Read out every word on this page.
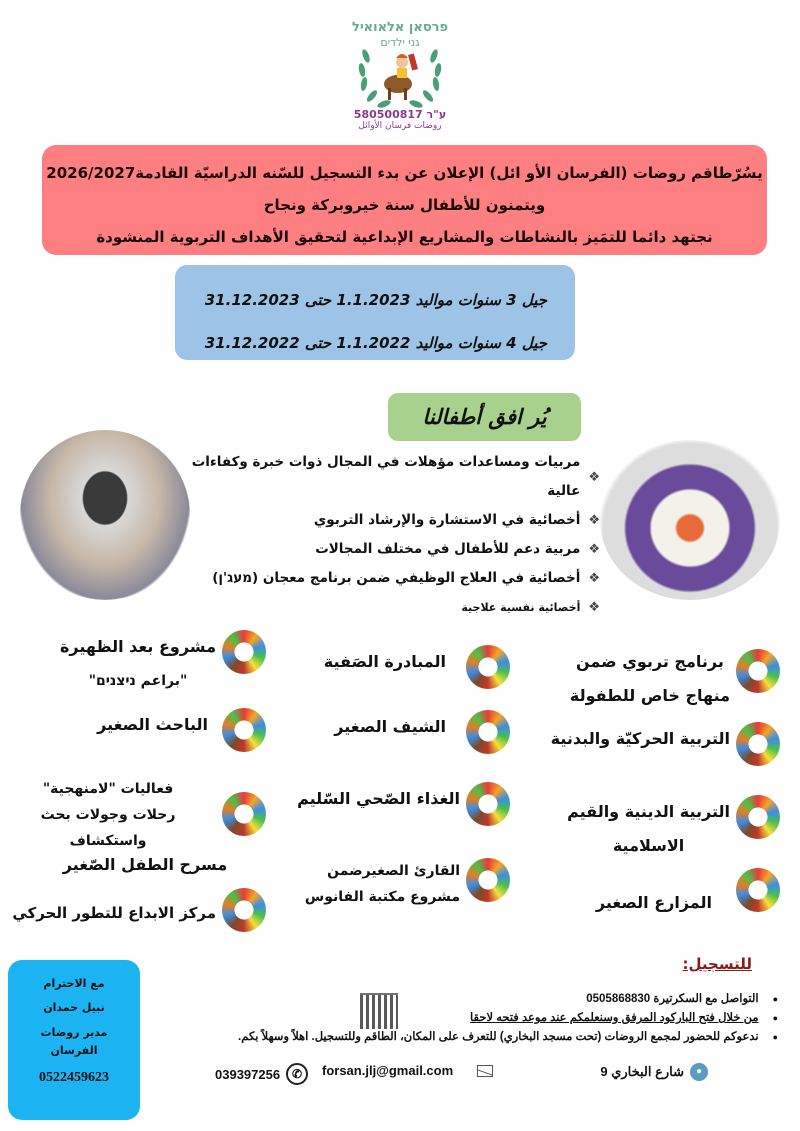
פרסאן אלאואיל
גני ילדים
ע"ר 580500817
روضات فرسان الأوائل

يسُرّطاقم روضات (الفرسان الأو ائل) الإعلان عن بدء التسجيل للسّنه الدراسيّة القادمة2026/2027

ويتمنون للأطفال سنة خيروبركة ونجاح

نجتهد دائما للتمَيز بالنشاطات والمشاريع الإبداعية لتحقيق الأهداف التربوية المنشودة

جيل 3 سنوات مواليد 1.1.2023 حتى 31.12.2023

جيل 4 سنوات مواليد 1.1.2022 حتى 31.12.2022

يُر افق أطفالنا
❖
مربيات ومساعدات مؤهلات في المجال ذوات خبرة وكفاءات عالية
❖
أخصائية في الاستشارة والإرشاد التربوي
❖
مربية دعم للأطفال في مختلف المجالات
❖
أخصائية في العلاج الوظيفي ضمن برنامج معجان (מעג'ן)
❖
أخصائية نفسية علاجية
برنامج تربوي ضمن
منهاج خاص للطفولة
التربية الحركيّة والبدنية
التربية الدينية والقيم
الاسلامية
المزارع الصغير
المبادرة الصَفية
الشيف الصغير
الغذاء الصّحي السّليم
القارئ الصغيرضمن
مشروع مكتبة الفانوس
مشروع بعد الظهيرة
"براعم ניצנים"
الباحث الصغير
فعاليات "لامنهجية"
رحلات وجولات بحث واستكشاف
مسرح الطفل الصّغير
مركز الابداع للتطور الحركي

مع الاحترام

نبيل حمدان

مدير روضات

الفرسان

0522459623

للتسجيل:
●
التواصل مع السكرتيرة 0505868830
●
من خلال فتح الباركود المرفق وسنعلمكم عند موعد فتحه لاحقا
●
ندعوكم للحضور لمجمع الروضات (تحت مسجد البخاري) للتعرف على المكان، الطاقم وللتسجيل. اهلاً وسهلاً بكم.
●
شارع البخاري 9
forsan.jlj@gmail.com
039397256 ✆
